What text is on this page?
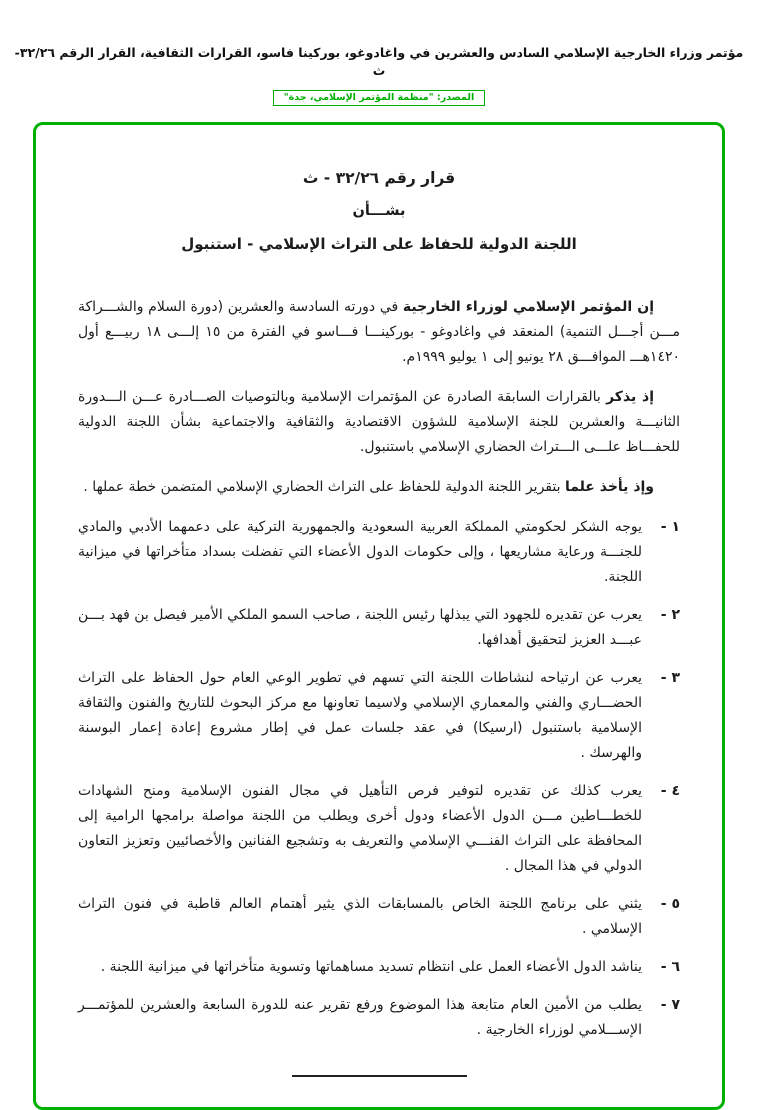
مؤتمر وزراء الخارجية الإسلامي السادس والعشرين في واغادوغو، بوركينا فاسو، القرارات الثقافية، القرار الرقم ٣٢/٢٦-ث
المصدر: "منظمة المؤتمر الإسلامي، جدة"
قرار رقم ٣٢/٢٦ - ث
بشـــأن
اللجنة الدولية للحفاظ على التراث الإسلامي - استنبول

إن المؤتمر الإسلامي لوزراء الخارجية في دورته السادسة والعشرين (دورة السلام والشـــراكة مـــن أجـــل التنمية) المنعقد في واغادوغو - بوركينـــا فـــاسو في الفترة من ١٥ إلـــى ١٨ ربيـــع أول ١٤٢٠هـــ الموافـــق ٢٨ يونيو إلى ١ يوليو ١٩٩٩م.

إذ يذكر بالقرارات السابقة الصادرة عن المؤتمرات الإسلامية وبالتوصيات الصـــادرة عـــن الـــدورة الثانيـــة والعشرين للجنة الإسلامية للشؤون الاقتصادية والثقافية والاجتماعية بشأن اللجنة الدولية للحفـــاظ علـــى الـــتراث الحضاري الإسلامي باستنبول.

وإذ يأخذ علما بتقرير اللجنة الدولية للحفاظ على التراث الحضاري الإسلامي المتضمن خطة عملها .

١ -
يوجه الشكر لحكومتي المملكة العربية السعودية والجمهورية التركية على دعمهما الأدبي والمادي للجنـــة ورعاية مشاريعها ، وإلى حكومات الدول الأعضاء التي تفضلت بسداد متأخراتها في ميزانية اللجنة.
٢ -
يعرب عن تقديره للجهود التي يبذلها رئيس اللجنة ، صاحب السمو الملكي الأمير فيصل بن فهد بـــن عبـــد العزيز لتحقيق أهدافها.
٣ -
يعرب عن ارتياحه لنشاطات اللجنة التي تسهم في تطوير الوعي العام حول الحفاظ على التراث الحضـــاري والفني والمعماري الإسلامي ولاسيما تعاونها مع مركز البحوث للتاريخ والفنون والثقافة الإسلامية باستنبول (ارسيكا) في عقد جلسات عمل في إطار مشروع إعادة إعمار البوسنة والهرسك .
٤ -
يعرب كذلك عن تقديره لتوفير فرص التأهيل في مجال الفنون الإسلامية ومنح الشهادات للخطـــاطين مـــن الدول الأعضاء ودول أخرى ويطلب من اللجنة مواصلة برامجها الرامية إلى المحافظة على التراث الفنـــي الإسلامي والتعريف به وتشجيع الفنانين والأخصائيين وتعزيز التعاون الدولي في هذا المجال .
٥ -
يثني على برنامج اللجنة الخاص بالمسابقات الذي يثير أهتمام العالم قاطبة في فنون التراث الإسلامي .
٦ -
يناشد الدول الأعضاء العمل على انتظام تسديد مساهماتها وتسوية متأخراتها في ميزانية اللجنة .
٧ -
يطلب من الأمين العام متابعة هذا الموضوع ورفع تقرير عنه للدورة السابعة والعشرين للمؤتمـــر الإســـلامي لوزراء الخارجية .
